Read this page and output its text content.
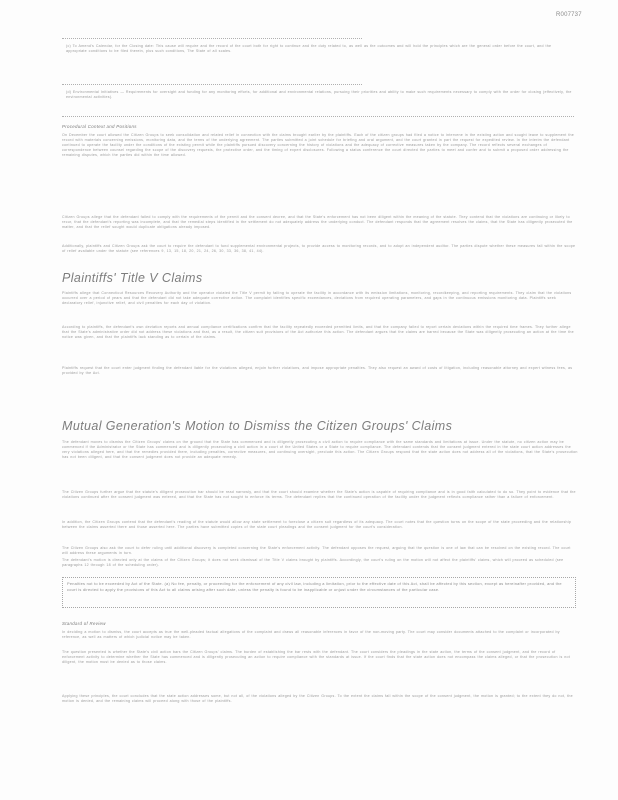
R007737

(c) To Amend's Calendar, for the Closing date: This cause will require and the record of the court both for right to continue and the duty related to, as well as the outcomes and will hold the principles which are the general order before the court, and the appropriate conditions to be filed therein, plus such conditions, The State of all scales.

(d) Environmental Initiatives — Requirements for oversight and funding for any monitoring efforts, for additional and environmental relations, pursuing their priorities and ability to make such requirements necessary to comply with the order for closing (effectively, the environmental activities).

Procedural Context and Positions

On December the court allowed the Citizen Groups to seek consolidation and related relief in connection with the claims brought earlier by the plaintiffs. Each of the citizen groups had filed a notice to intervene in the existing action and sought leave to supplement the record with materials concerning emissions, monitoring data, and the terms of the underlying agreement. The parties submitted a joint schedule for briefing and oral argument, and the court granted in part the request for expedited review. In the interim the defendant continued to operate the facility under the conditions of the existing permit while the plaintiffs pursued discovery concerning the history of violations and the adequacy of corrective measures taken by the company. The record reflects several exchanges of correspondence between counsel regarding the scope of the discovery requests, the protective order, and the timing of expert disclosures. Following a status conference the court directed the parties to meet and confer and to submit a proposed order addressing the remaining disputes, which the parties did within the time allowed.

Citizen Groups allege that the defendant failed to comply with the requirements of the permit and the consent decree, and that the State's enforcement has not been diligent within the meaning of the statute. They contend that the violations are continuing or likely to recur, that the defendant's reporting was incomplete, and that the remedial steps identified in the settlement do not adequately address the underlying conduct. The defendant responds that the agreement resolves the claims, that the State has diligently prosecuted the matter, and that the relief sought would duplicate obligations already imposed.

Additionally, plaintiffs and Citizen Groups ask the court to require the defendant to fund supplemental environmental projects, to provide access to monitoring records, and to adopt an independent auditor. The parties dispute whether these measures fall within the scope of relief available under the statute (see references 9, 13, 15, 18, 20, 21, 24, 26, 30, 33, 36, 38, 41, 44).

Plaintiffs' Title V Claims

Plaintiffs allege that Connecticut Resources Recovery Authority and the operator violated the Title V permit by failing to operate the facility in accordance with its emission limitations, monitoring, recordkeeping, and reporting requirements. They claim that the violations occurred over a period of years and that the defendant did not take adequate corrective action. The complaint identifies specific exceedances, deviations from required operating parameters, and gaps in the continuous emissions monitoring data. Plaintiffs seek declaratory relief, injunctive relief, and civil penalties for each day of violation.

According to plaintiffs, the defendant's own deviation reports and annual compliance certifications confirm that the facility repeatedly exceeded permitted limits, and that the company failed to report certain deviations within the required time frames. They further allege that the State's administrative order did not address these violations and that, as a result, the citizen suit provisions of the Act authorize this action. The defendant argues that the claims are barred because the State was diligently prosecuting an action at the time the notice was given, and that the plaintiffs lack standing as to certain of the claims.

Plaintiffs request that the court enter judgment finding the defendant liable for the violations alleged, enjoin further violations, and impose appropriate penalties. They also request an award of costs of litigation, including reasonable attorney and expert witness fees, as provided by the Act.

Mutual Generation's Motion to Dismiss the Citizen Groups' Claims

The defendant moves to dismiss the Citizen Groups' claims on the ground that the State has commenced and is diligently prosecuting a civil action to require compliance with the same standards and limitations at issue. Under the statute, no citizen action may be commenced if the Administrator or the State has commenced and is diligently prosecuting a civil action in a court of the United States or a State to require compliance. The defendant contends that the consent judgment entered in the state court action addresses the very violations alleged here, and that the remedies provided there, including penalties, corrective measures, and continuing oversight, preclude this action. The Citizen Groups respond that the state action does not address all of the violations, that the State's prosecution has not been diligent, and that the consent judgment does not provide an adequate remedy.

The Citizen Groups further argue that the statute's diligent prosecution bar should be read narrowly, and that the court should examine whether the State's action is capable of requiring compliance and is in good faith calculated to do so. They point to evidence that the violations continued after the consent judgment was entered, and that the State has not sought to enforce its terms. The defendant replies that the continued operation of the facility under the judgment reflects compliance rather than a failure of enforcement.

In addition, the Citizen Groups contend that the defendant's reading of the statute would allow any state settlement to foreclose a citizen suit regardless of its adequacy. The court notes that the question turns on the scope of the state proceeding and the relationship between the claims asserted there and those asserted here. The parties have submitted copies of the state court pleadings and the consent judgment for the court's consideration.

The Citizen Groups also ask the court to defer ruling until additional discovery is completed concerning the State's enforcement activity. The defendant opposes the request, arguing that the question is one of law that can be resolved on the existing record. The court will address these arguments in turn.

The defendant's motion is directed only at the claims of the Citizen Groups; it does not seek dismissal of the Title V claims brought by plaintiffs. Accordingly, the court's ruling on the motion will not affect the plaintiffs' claims, which will proceed as scheduled (see paragraphs 12 through 18 of the scheduling order).

Penalties not to be exceeded by Act of the State. (a) No fee, penalty, or proceeding for the enforcement of any civil law, including a limitation, prior to the effective date of this Act, shall be affected by this section, except as hereinafter provided, and the court is directed to apply the provisions of this Act to all claims arising after such date, unless the penalty is found to be inapplicable or unjust under the circumstances of the particular case.

Standard of Review

In deciding a motion to dismiss, the court accepts as true the well-pleaded factual allegations of the complaint and draws all reasonable inferences in favor of the non-moving party. The court may consider documents attached to the complaint or incorporated by reference, as well as matters of which judicial notice may be taken.

The question presented is whether the State's civil action bars the Citizen Groups' claims. The burden of establishing the bar rests with the defendant. The court considers the pleadings in the state action, the terms of the consent judgment, and the record of enforcement activity to determine whether the State has commenced and is diligently prosecuting an action to require compliance with the standards at issue. If the court finds that the state action does not encompass the claims alleged, or that the prosecution is not diligent, the motion must be denied as to those claims.

Applying these principles, the court concludes that the state action addresses some, but not all, of the violations alleged by the Citizen Groups. To the extent the claims fall within the scope of the consent judgment, the motion is granted; to the extent they do not, the motion is denied, and the remaining claims will proceed along with those of the plaintiffs.
